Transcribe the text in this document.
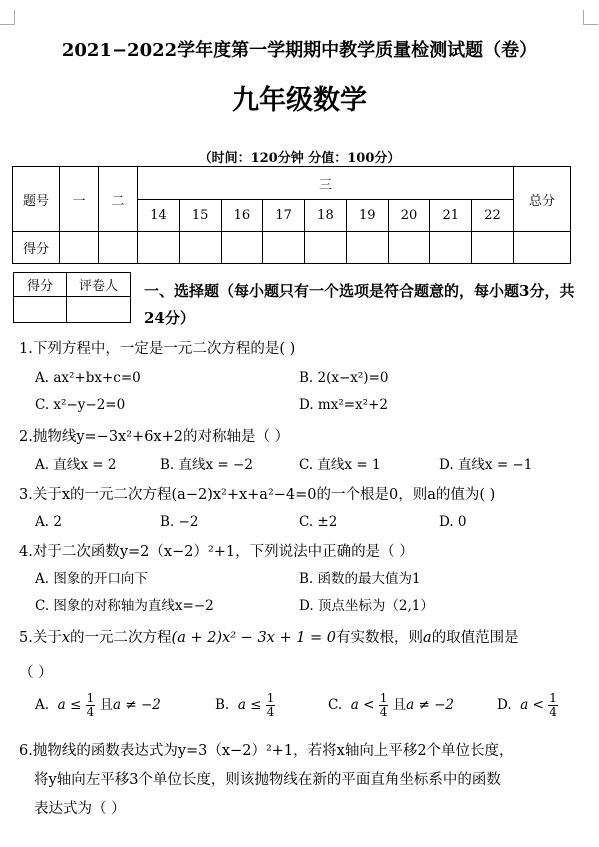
2021−2022学年度第一学期期中教学质量检测试题（卷）
九年级数学
（时间：120分钟 分值：100分）
题号	一	二	三									总分
			14	15	16	17	18	19	20	21	22	
得分												
得分	评卷人
	一、选择题（每小题只有一个选项是符合题意的，每小题3分，共24分）
1.下列方程中，一定是一元二次方程的是( )
A. ax²+bx+c=0	B. 2(x−x²)=0
C. x²−y−2=0	D. mx²=x²+2
2.抛物线y=−3x²+6x+2的对称轴是（ ）
A. 直线x = 2	B. 直线x = −2	C. 直线x = 1	D. 直线x = −1
3.关于x的一元二次方程(a−2)x²+x+a²−4=0的一个根是0，则a的值为( )
A. 2	B. −2	C. ±2	D. 0
4.对于二次函数y=2（x−2）²+1，下列说法中正确的是（ ）
A. 图象的开口向下	B. 函数的最大值为1
C. 图象的对称轴为直线x=−2	D. 顶点坐标为（2,1）
5.关于x的一元二次方程(a + 2)x² − 3x + 1 = 0有实数根，则a的取值范围是
（ ）
A. $a \le \frac{1}{4}$ 且a ≠ −2	B. $a \le \frac{1}{4}$	C. $a < \frac{1}{4}$ 且a ≠ −2	D. $a < \frac{1}{4}$
6.抛物线的函数表达式为y=3（x−2）²+1，若将x轴向上平移2个单位长度，
将y轴向左平移3个单位长度，则该抛物线在新的平面直角坐标系中的函数
表达式为（ ）
